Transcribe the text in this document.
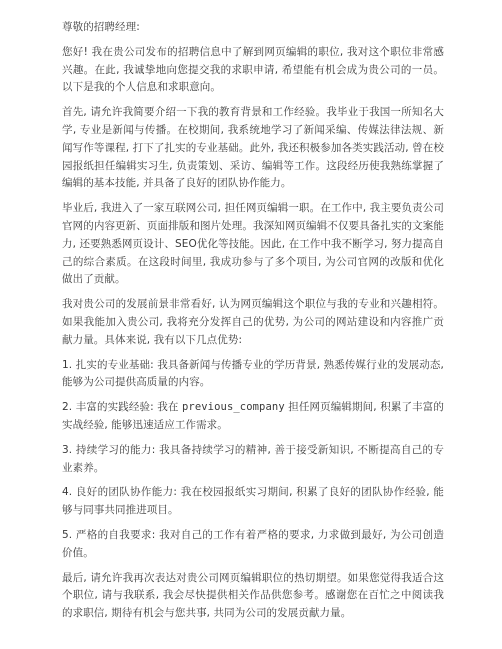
尊敬的招聘经理:

您好! 我在贵公司发布的招聘信息中了解到网页编辑的职位, 我对这个职位非常感兴趣。在此, 我诚挚地向您提交我的求职申请, 希望能有机会成为贵公司的一员。以下是我的个人信息和求职意向。

首先, 请允许我简要介绍一下我的教育背景和工作经验。我毕业于我国一所知名大学, 专业是新闻与传播。在校期间, 我系统地学习了新闻采编、传媒法律法规、新闻写作等课程, 打下了扎实的专业基础。此外, 我还积极参加各类实践活动, 曾在校园报纸担任编辑实习生, 负责策划、采访、编辑等工作。这段经历使我熟练掌握了编辑的基本技能, 并具备了良好的团队协作能力。

毕业后, 我进入了一家互联网公司, 担任网页编辑一职。在工作中, 我主要负责公司官网的内容更新、页面排版和图片处理。我深知网页编辑不仅要具备扎实的文案能力, 还要熟悉网页设计、SEO优化等技能。因此, 在工作中我不断学习, 努力提高自己的综合素质。在这段时间里, 我成功参与了多个项目, 为公司官网的改版和优化做出了贡献。

我对贵公司的发展前景非常看好, 认为网页编辑这个职位与我的专业和兴趣相符。如果我能加入贵公司, 我将充分发挥自己的优势, 为公司的网站建设和内容推广贡献力量。具体来说, 我有以下几点优势:

1. 扎实的专业基础: 我具备新闻与传播专业的学历背景, 熟悉传媒行业的发展动态, 能够为公司提供高质量的内容。

2. 丰富的实践经验: 我在 previous_company 担任网页编辑期间, 积累了丰富的实战经验, 能够迅速适应工作需求。

3. 持续学习的能力: 我具备持续学习的精神, 善于接受新知识, 不断提高自己的专业素养。

4. 良好的团队协作能力: 我在校园报纸实习期间, 积累了良好的团队协作经验, 能够与同事共同推进项目。

5. 严格的自我要求: 我对自己的工作有着严格的要求, 力求做到最好, 为公司创造价值。

最后, 请允许我再次表达对贵公司网页编辑职位的热切期望。如果您觉得我适合这个职位, 请与我联系, 我会尽快提供相关作品供您参考。感谢您在百忙之中阅读我的求职信, 期待有机会与您共事, 共同为公司的发展贡献力量。
